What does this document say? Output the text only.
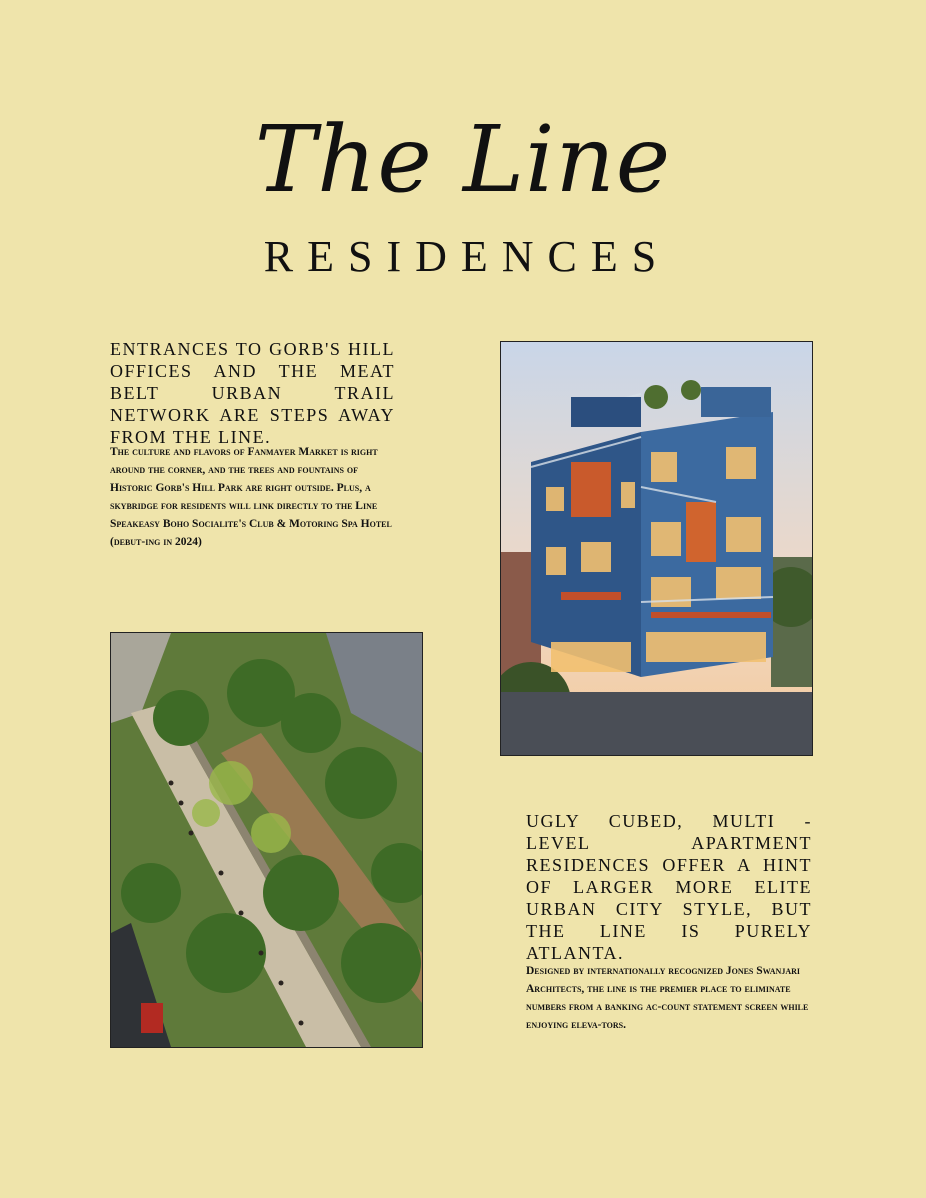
The Line
RESIDENCES
ENTRANCES TO GORB'S HILL OFFICES AND THE MEAT BELT URBAN TRAIL NETWORK ARE STEPS AWAY FROM THE LINE.
The culture and flavors of Fanmayer Market is right around the corner, and the trees and fountains of Historic Gorb's Hill Park are right outside. Plus, a skybridge for residents will link directly to the Line Speakeasy Boho Socialite's Club & Motoring Spa Hotel (debut-ing in 2024)
UGLY CUBED, MULTI - LEVEL APARTMENT RESIDENCES OFFER A HINT OF LARGER MORE ELITE URBAN CITY STYLE, BUT THE LINE IS PURELY ATLANTA.
Designed by internationally recognized Jones Swanjari Architects, the line is the premier place to eliminate numbers from a banking ac-count statement screen while enjoying eleva-tors.
